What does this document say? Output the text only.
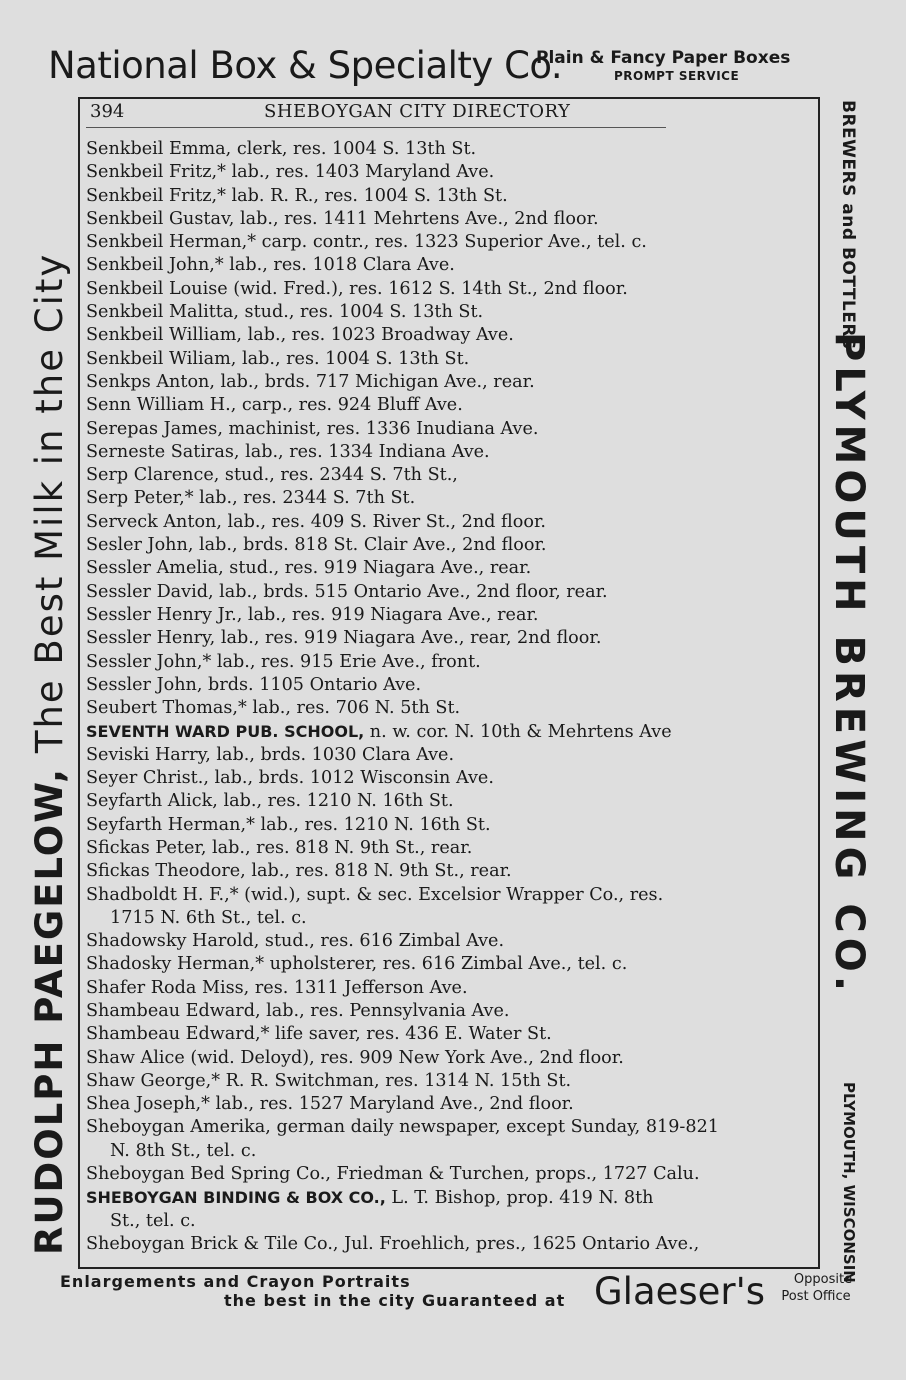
National Box & Specialty Co.
Plain & Fancy Paper Boxes
PROMPT SERVICE
RUDOLPH PAEGELOW, The Best Milk in the City
BREWERS and BOTTLERS
PLYMOUTH BREWING CO.
PLYMOUTH, WISCONSIN
394	SHEBOYGAN CITY DIRECTORY
Senkbeil Emma, clerk, res. 1004 S. 13th St.
Senkbeil Fritz,* lab., res. 1403 Maryland Ave.
Senkbeil Fritz,* lab. R. R., res. 1004 S. 13th St.
Senkbeil Gustav, lab., res. 1411 Mehrtens Ave., 2nd floor.
Senkbeil Herman,* carp. contr., res. 1323 Superior Ave., tel. c.
Senkbeil John,* lab., res. 1018 Clara Ave.
Senkbeil Louise (wid. Fred.), res. 1612 S. 14th St., 2nd floor.
Senkbeil Malitta, stud., res. 1004 S. 13th St.
Senkbeil William, lab., res. 1023 Broadway Ave.
Senkbeil Wiliam, lab., res. 1004 S. 13th St.
Senkps Anton, lab., brds. 717 Michigan Ave., rear.
Senn William H., carp., res. 924 Bluff Ave.
Serepas James, machinist, res. 1336 Inudiana Ave.
Serneste Satiras, lab., res. 1334 Indiana Ave.
Serp Clarence, stud., res. 2344 S. 7th St.,
Serp Peter,* lab., res. 2344 S. 7th St.
Serveck Anton, lab., res. 409 S. River St., 2nd floor.
Sesler John, lab., brds. 818 St. Clair Ave., 2nd floor.
Sessler Amelia, stud., res. 919 Niagara Ave., rear.
Sessler David, lab., brds. 515 Ontario Ave., 2nd floor, rear.
Sessler Henry Jr., lab., res. 919 Niagara Ave., rear.
Sessler Henry, lab., res. 919 Niagara Ave., rear, 2nd floor.
Sessler John,* lab., res. 915 Erie Ave., front.
Sessler John, brds. 1105 Ontario Ave.
Seubert Thomas,* lab., res. 706 N. 5th St.
SEVENTH WARD PUB. SCHOOL, n. w. cor. N. 10th & Mehrtens Ave
Seviski Harry, lab., brds. 1030 Clara Ave.
Seyer Christ., lab., brds. 1012 Wisconsin Ave.
Seyfarth Alick, lab., res. 1210 N. 16th St.
Seyfarth Herman,* lab., res. 1210 N. 16th St.
Sfickas Peter, lab., res. 818 N. 9th St., rear.
Sfickas Theodore, lab., res. 818 N. 9th St., rear.
Shadboldt H. F.,* (wid.), supt. & sec. Excelsior Wrapper Co., res.
1715 N. 6th St., tel. c.
Shadowsky Harold, stud., res. 616 Zimbal Ave.
Shadosky Herman,* upholsterer, res. 616 Zimbal Ave., tel. c.
Shafer Roda Miss, res. 1311 Jefferson Ave.
Shambeau Edward, lab., res. Pennsylvania Ave.
Shambeau Edward,* life saver, res. 436 E. Water St.
Shaw Alice (wid. Deloyd), res. 909 New York Ave., 2nd floor.
Shaw George,* R. R. Switchman, res. 1314 N. 15th St.
Shea Joseph,* lab., res. 1527 Maryland Ave., 2nd floor.
Sheboygan Amerika, german daily newspaper, except Sunday, 819-821
N. 8th St., tel. c.
Sheboygan Bed Spring Co., Friedman & Turchen, props., 1727 Calu.
SHEBOYGAN BINDING & BOX CO., L. T. Bishop, prop. 419 N. 8th
St., tel. c.
Sheboygan Brick & Tile Co., Jul. Froehlich, pres., 1625 Ontario Ave.,
Enlargements and Crayon Portraits
the best in the city Guaranteed at Glaeser's	Opposite
Post Office
